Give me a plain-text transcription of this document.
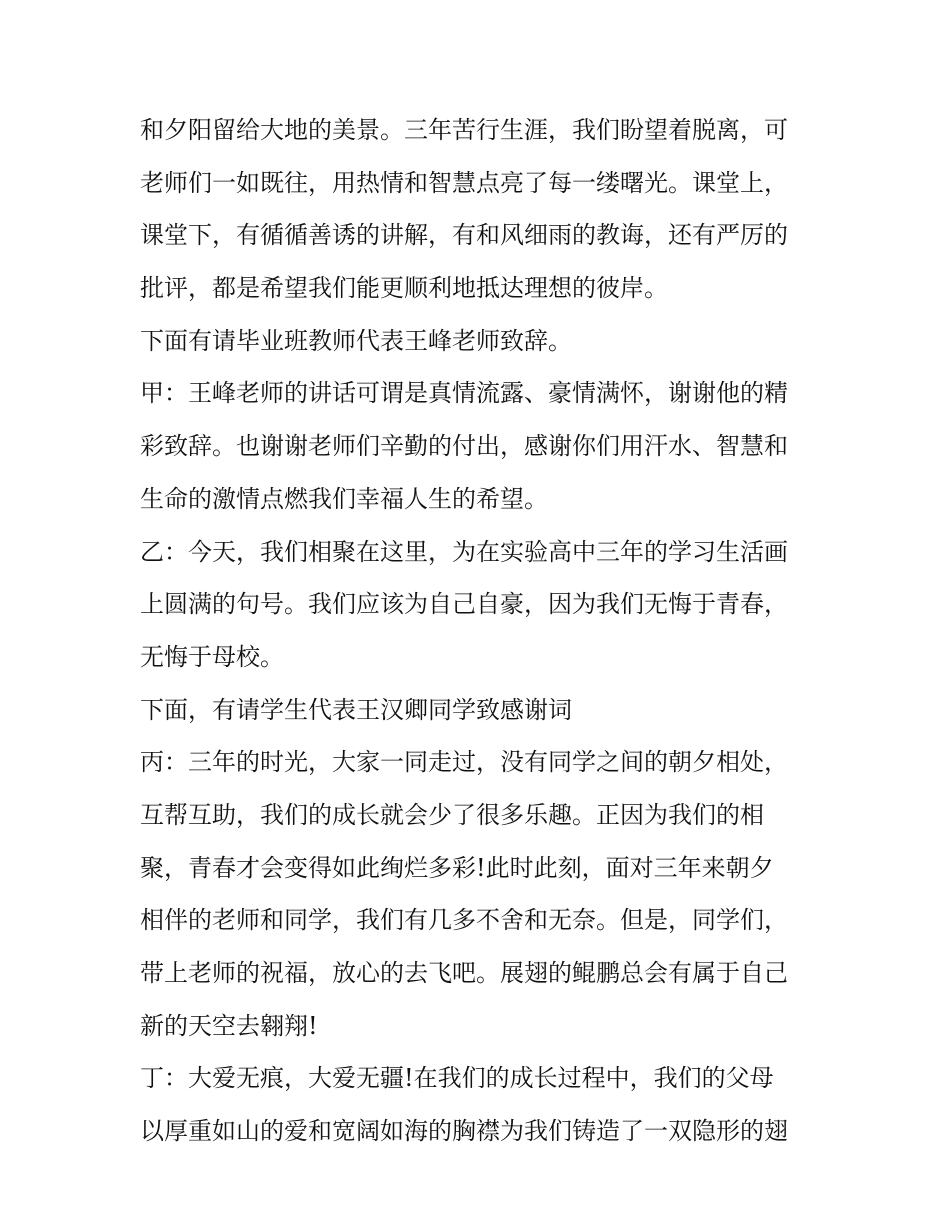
和夕阳留给大地的美景。三年苦行生涯，我们盼望着脱离，可
老师们一如既往，用热情和智慧点亮了每一缕曙光。课堂上，
课堂下，有循循善诱的讲解，有和风细雨的教诲，还有严厉的
批评，都是希望我们能更顺利地抵达理想的彼岸。
下面有请毕业班教师代表王峰老师致辞。
甲：王峰老师的讲话可谓是真情流露、豪情满怀，谢谢他的精
彩致辞。也谢谢老师们辛勤的付出，感谢你们用汗水、智慧和
生命的激情点燃我们幸福人生的希望。
乙：今天，我们相聚在这里，为在实验高中三年的学习生活画
上圆满的句号。我们应该为自己自豪，因为我们无悔于青春，
无悔于母校。
下面，有请学生代表王汉卿同学致感谢词
丙：三年的时光，大家一同走过，没有同学之间的朝夕相处，
互帮互助，我们的成长就会少了很多乐趣。正因为我们的相
聚，青春才会变得如此绚烂多彩!此时此刻，面对三年来朝夕
相伴的老师和同学，我们有几多不舍和无奈。但是，同学们，
带上老师的祝福，放心的去飞吧。展翅的鲲鹏总会有属于自己
新的天空去翱翔!
丁：大爱无痕，大爱无疆!在我们的成长过程中，我们的父母
以厚重如山的爱和宽阔如海的胸襟为我们铸造了一双隐形的翅
